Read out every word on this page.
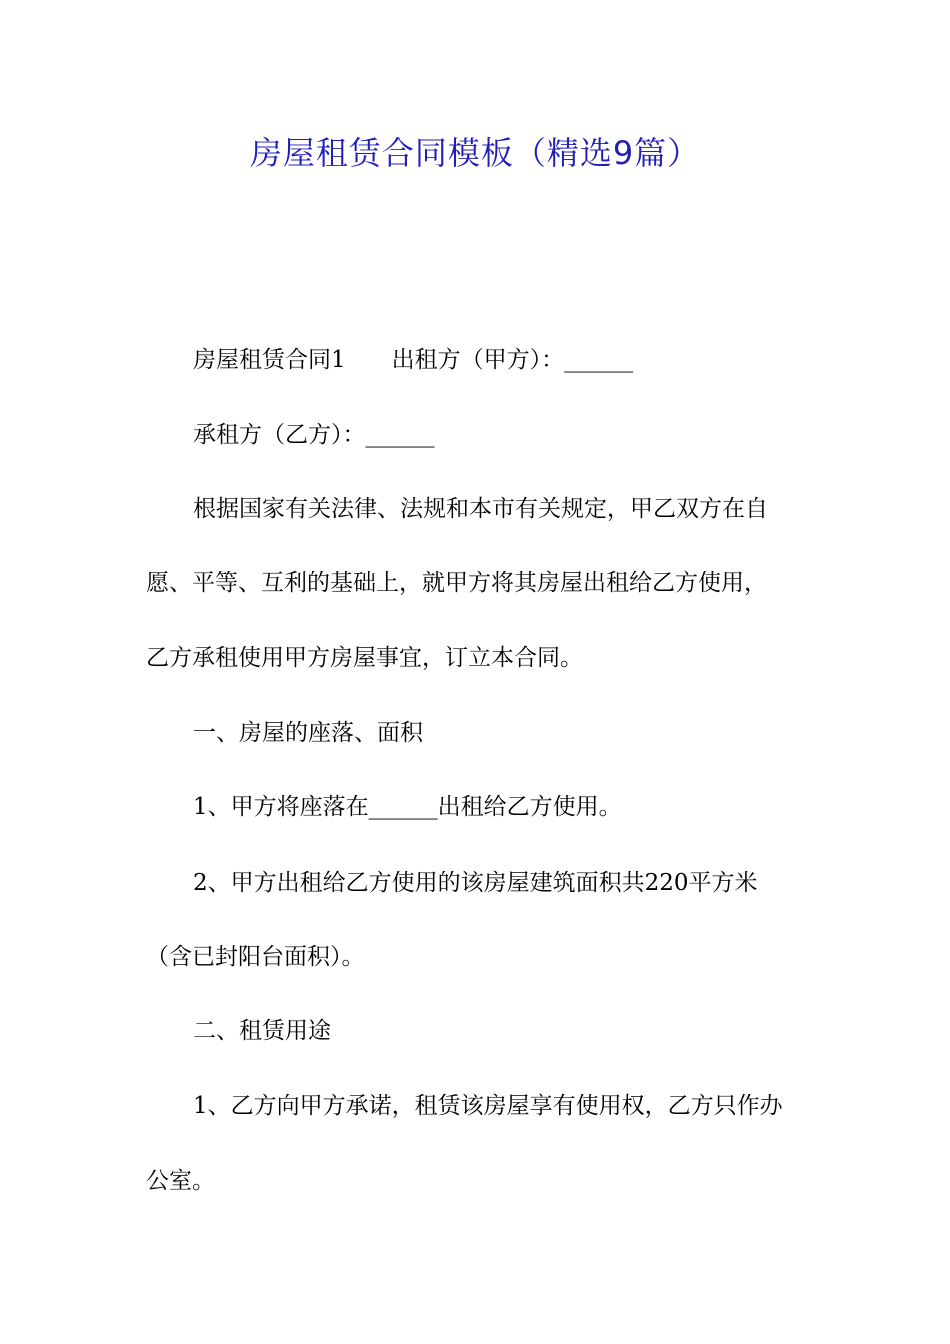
房屋租赁合同模板（精选9篇）
房屋租赁合同1 出租方（甲方）：______
承租方（乙方）：______
根据国家有关法律、法规和本市有关规定，甲乙双方在自
愿、平等、互利的基础上，就甲方将其房屋出租给乙方使用，
乙方承租使用甲方房屋事宜，订立本合同。
一、房屋的座落、面积
1、甲方将座落在______出租给乙方使用。
2、甲方出租给乙方使用的该房屋建筑面积共220平方米
（含已封阳台面积）。
二、租赁用途
1、乙方向甲方承诺，租赁该房屋享有使用权，乙方只作办
公室。
